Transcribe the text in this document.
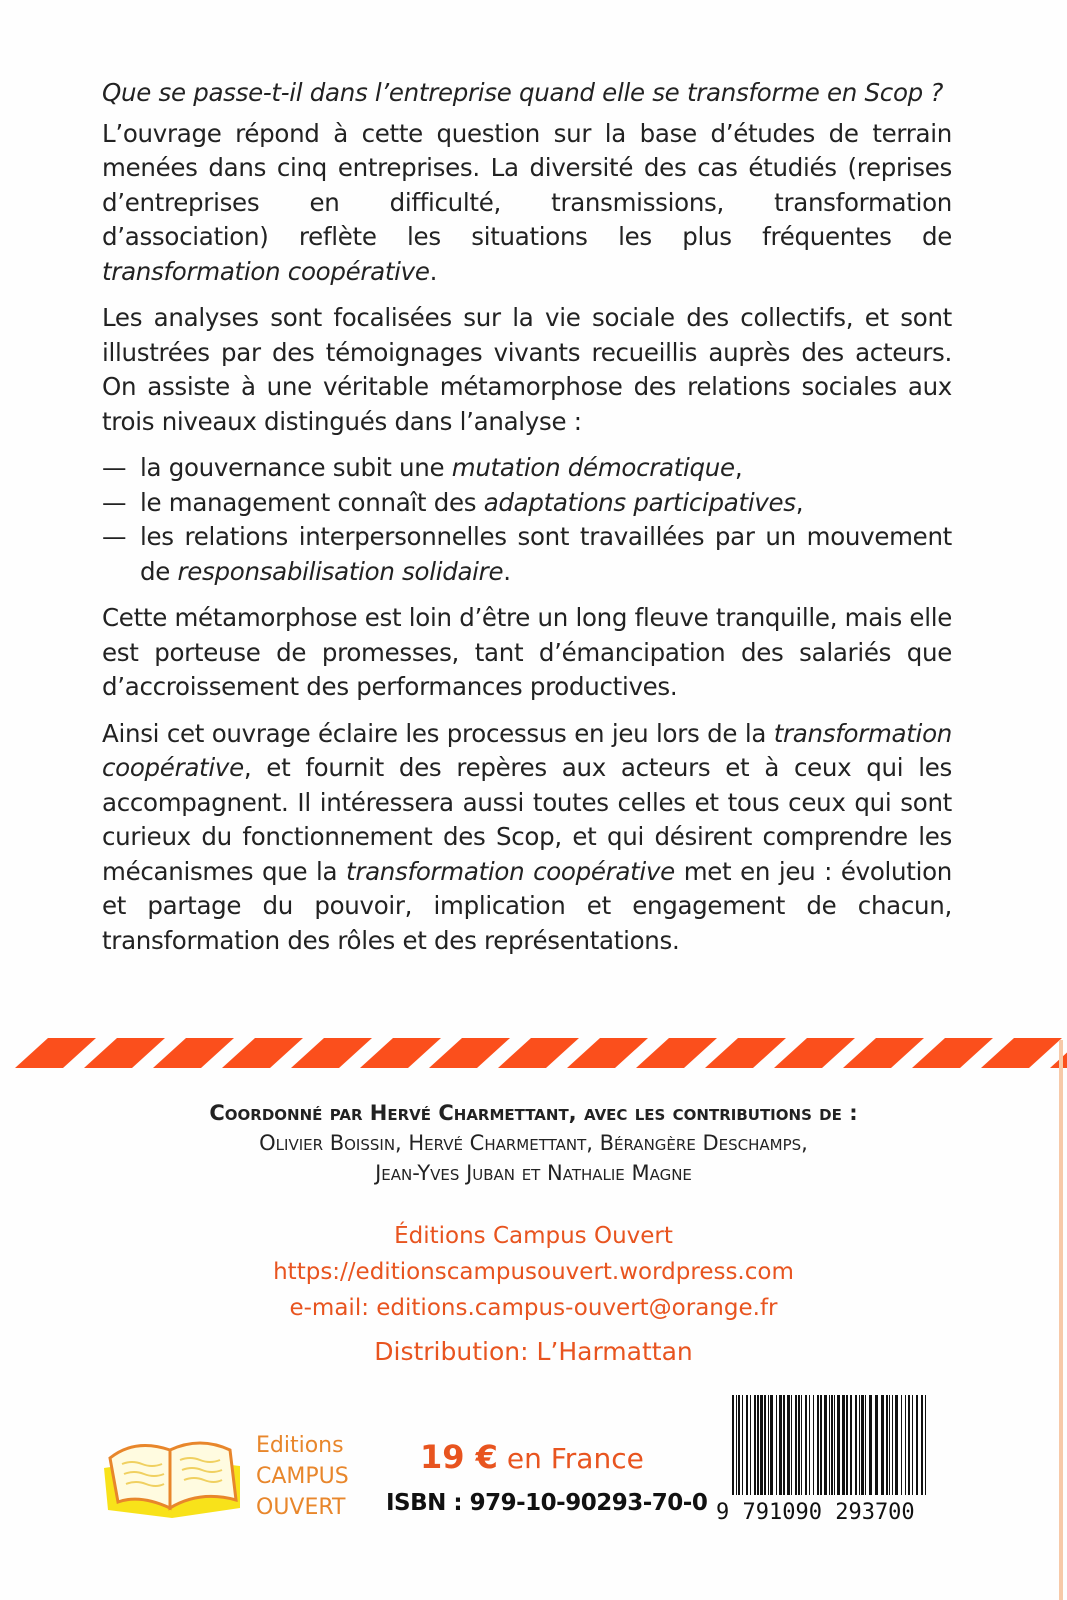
Que se passe-t-il dans l’entreprise quand elle se transforme en Scop ?

L’ouvrage répond à cette question sur la base d’études de terrain menées dans cinq entreprises. La diversité des cas étudiés (reprises d’entreprises en difficulté, transmissions, transformation d’association) reflète les situations les plus fréquentes de transformation coopérative.

Les analyses sont focalisées sur la vie sociale des collectifs, et sont illustrées par des témoignages vivants recueillis auprès des acteurs. On assiste à une véritable métamorphose des relations sociales aux trois niveaux distingués dans l’analyse :

— la gouvernance subit une mutation démocratique,
— le management connaît des adaptations participatives,
— les relations interpersonnelles sont travaillées par un mouvement de responsabilisation solidaire.

Cette métamorphose est loin d’être un long fleuve tranquille, mais elle est porteuse de promesses, tant d’émancipation des salariés que d’accroissement des performances productives.

Ainsi cet ouvrage éclaire les processus en jeu lors de la transformation coopérative, et fournit des repères aux acteurs et à ceux qui les accompagnent. Il intéressera aussi toutes celles et tous ceux qui sont curieux du fonctionnement des Scop, et qui désirent comprendre les mécanismes que la transformation coopérative met en jeu : évolution et partage du pouvoir, implication et engagement de chacun, transformation des rôles et des représentations.

Coordonné par Hervé Charmettant, avec les contributions de :
Olivier Boissin, Hervé Charmettant, Bérangère Deschamps,
Jean-Yves Juban et Nathalie Magne
Éditions Campus Ouvert
https://editionscampusouvert.wordpress.com
e-mail: editions.campus-ouvert@orange.fr
Distribution: L’Harmattan
Editions
CAMPUS
OUVERT
19 € en France
ISBN : 979-10-90293-70-0 9 791090 293700
